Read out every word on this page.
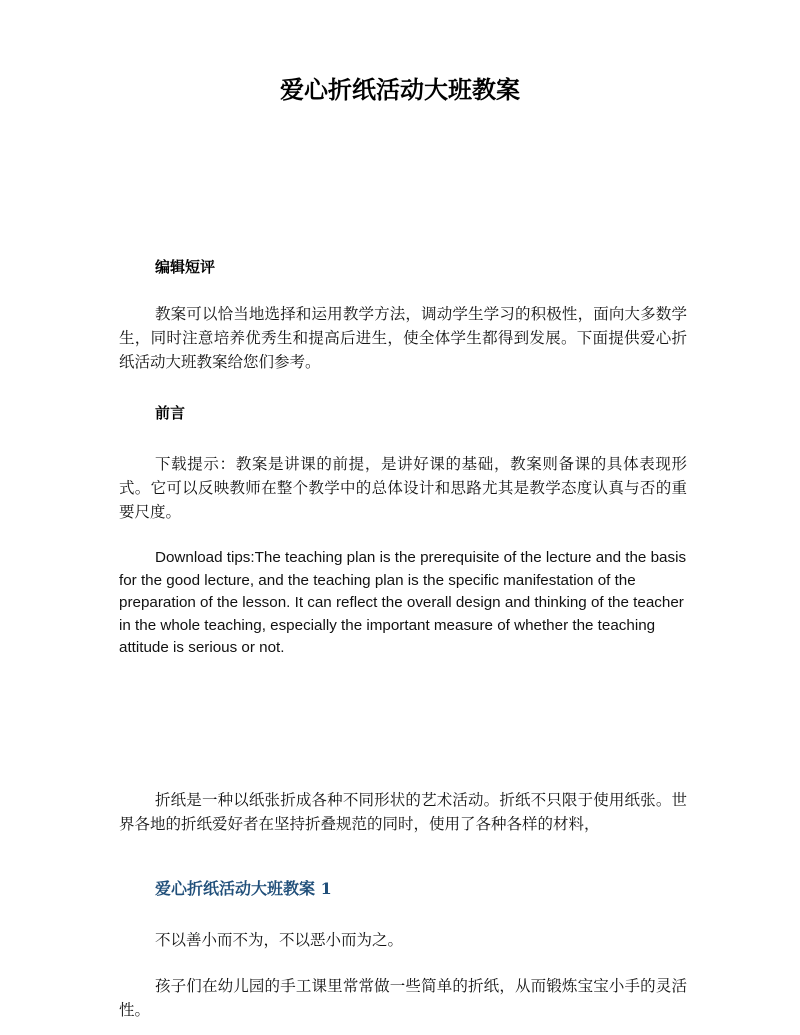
爱心折纸活动大班教案
编辑短评
教案可以恰当地选择和运用教学方法，调动学生学习的积极性，面向大多数学生，同时注意培养优秀生和提高后进生，使全体学生都得到发展。下面提供爱心折纸活动大班教案给您们参考。
前言
下载提示：教案是讲课的前提，是讲好课的基础，教案则备课的具体表现形式。它可以反映教师在整个教学中的总体设计和思路尤其是教学态度认真与否的重要尺度。
Download tips:The teaching plan is the prerequisite of the lecture and the basis for the good lecture, and the teaching plan is the specific manifestation of the preparation of the lesson. It can reflect the overall design and thinking of the teacher in the whole teaching, especially the important measure of whether the teaching attitude is serious or not.
折纸是一种以纸张折成各种不同形状的艺术活动。折纸不只限于使用纸张。世界各地的折纸爱好者在坚持折叠规范的同时，使用了各种各样的材料，
爱心折纸活动大班教案 1
不以善小而不为，不以恶小而为之。
孩子们在幼儿园的手工课里常常做一些简单的折纸，从而锻炼宝宝小手的灵活性。
